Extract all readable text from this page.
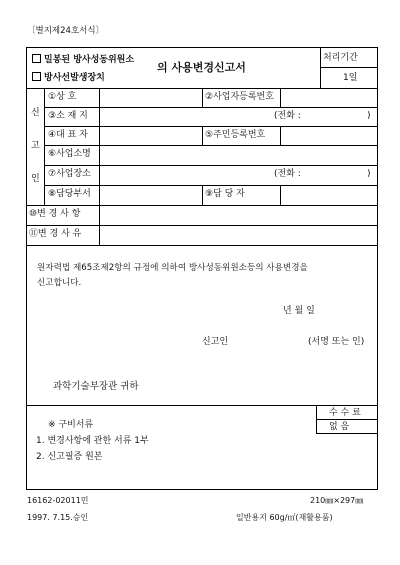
〔별지제24호서식〕
밀봉된 방사성동위원소
방사선발생장치
의 사용변경신고서
처리기간
1일
신
고
인
①상 호	②사업자등록번호
③소 재 지	(전화 :	)
④대 표 자	⑤주민등록번호
⑥사업소명
⑦사업장소	(전화 :	)
⑧담당부서	⑨담 당 자
⑩변 경 사 항
⑪변 경 사 유
원자력법 제65조제2항의 규정에 의하여 방사성동위원소등의 사용변경을
신고합니다.
년 월 일
신고인	(서명 또는 인)
과학기술부장관 귀하
수 수 료
없 음
※ 구비서류
1. 변경사항에 관한 서류 1부
2. 신고필증 원본
16162-02011민
1997. 7.15.승인
210㎜×297㎜
일반용지 60g/㎡(재활용품)
